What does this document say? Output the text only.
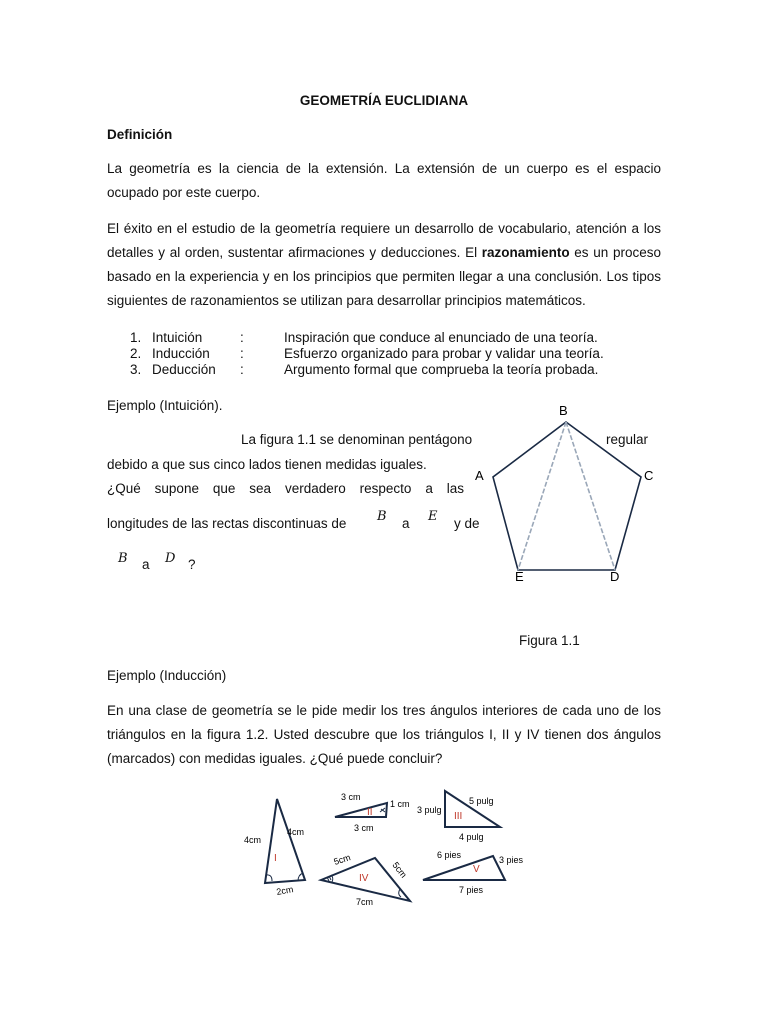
GEOMETRÍA EUCLIDIANA
Definición
La geometría es la ciencia de la extensión. La extensión de un cuerpo es el espacio ocupado por este cuerpo.
El éxito en el estudio de la geometría requiere un desarrollo de vocabulario, atención a los detalles y al orden, sustentar afirmaciones y deducciones. El razonamiento es un proceso basado en la experiencia y en los principios que permiten llegar a una conclusión. Los tipos siguientes de razonamientos se utilizan para desarrollar principios matemáticos.
1. Intuición	:	Inspiración que conduce al enunciado de una teoría.
2. Inducción	:	Esfuerzo organizado para probar y validar una teoría.
3. Deducción	:	Argumento formal que comprueba la teoría probada.
Ejemplo (Intuición).
La figura 1.1 se denominan pentágono	regular
debido a que sus cinco lados tienen medidas iguales.
¿Qué supone que sea verdadero respecto a las
longitudes de las rectas discontinuas de B a E y de
B a D ?
B
A	C
D
E
Figura 1.1
Ejemplo (Inducción)
En una clase de geometría se le pide medir los tres ángulos interiores de cada uno de los triángulos en la figura 1.2. Usted descubre que los triángulos I, II y IV tienen dos ángulos (marcados) con medidas iguales. ¿Qué puede concluir?
I
4cm
4cm
2cm
II
3 cm
1 cm
3 cm
III
3 pulg
5 pulg
4 pulg
IV
5cm
5cm
7cm
V
6 pies	3 pies
7 pies
